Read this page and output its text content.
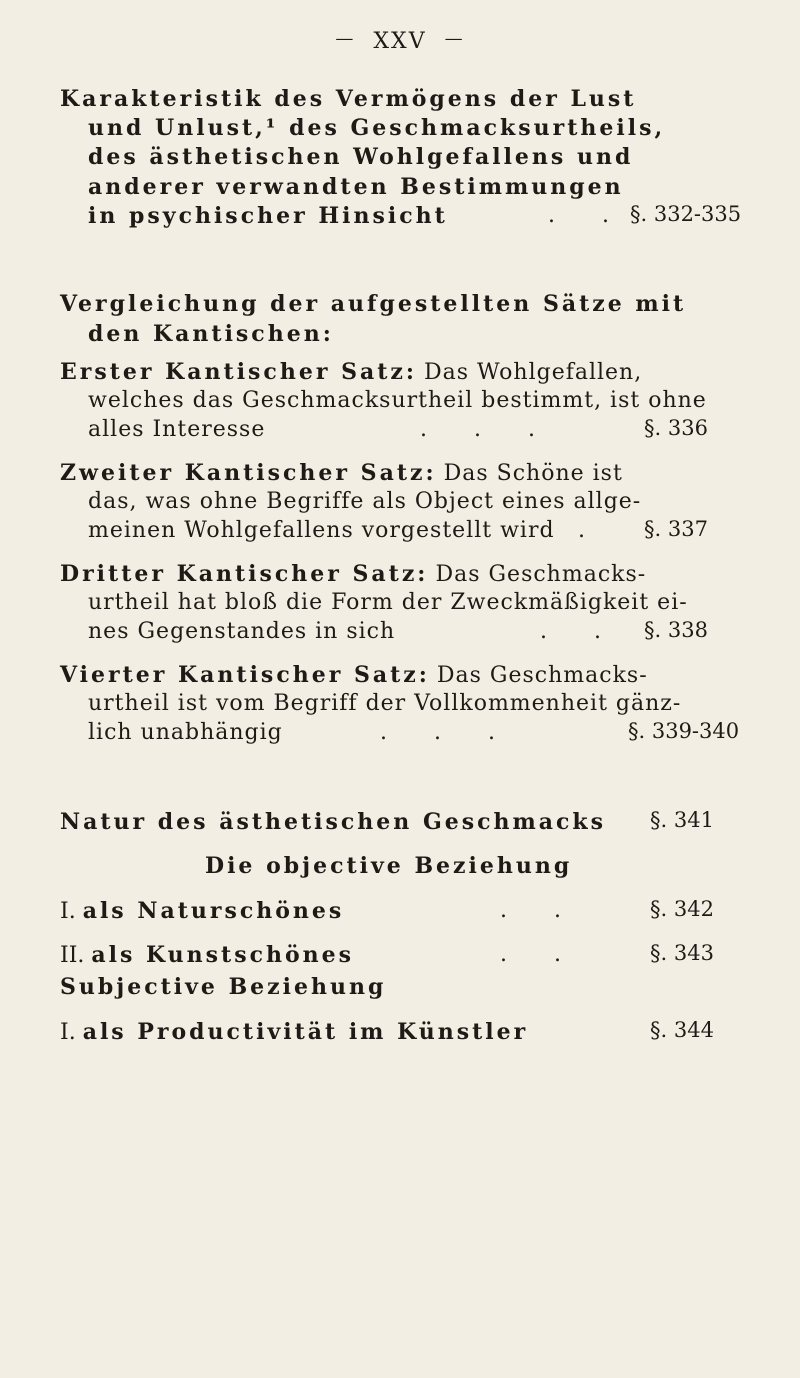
— XXV —
Karakteristik des Vermögens der Lust
und Unlust,¹ des Geschmacksurtheils,
des ästhetischen Wohlgefallens und
anderer verwandten Bestimmungen
in psychischer Hinsicht	. . §. 332-335
Vergleichung der aufgestellten Sätze mit
den Kantischen:
Erster Kantischer Satz: Das Wohlgefallen,
welches das Geschmacksurtheil bestimmt, ist ohne
alles Interesse	. . .	§. 336
Zweiter Kantischer Satz: Das Schöne ist
das, was ohne Begriffe als Object eines allge-
meinen Wohlgefallens vorgestellt wird . §. 337
Dritter Kantischer Satz: Das Geschmacks-
urtheil hat bloß die Form der Zweckmäßigkeit ei-
nes Gegenstandes in sich	. . §. 338
Vierter Kantischer Satz: Das Geschmacks-
urtheil ist vom Begriff der Vollkommenheit gänz-
lich unabhängig	. . .	§. 339-340
Natur des ästhetischen Geschmacks §. 341
Die objective Beziehung
I. als Naturschönes	. .	§. 342
II. als Kunstschönes	. .	§. 343
Subjective Beziehung
I. als Productivität im Künstler	§. 344
